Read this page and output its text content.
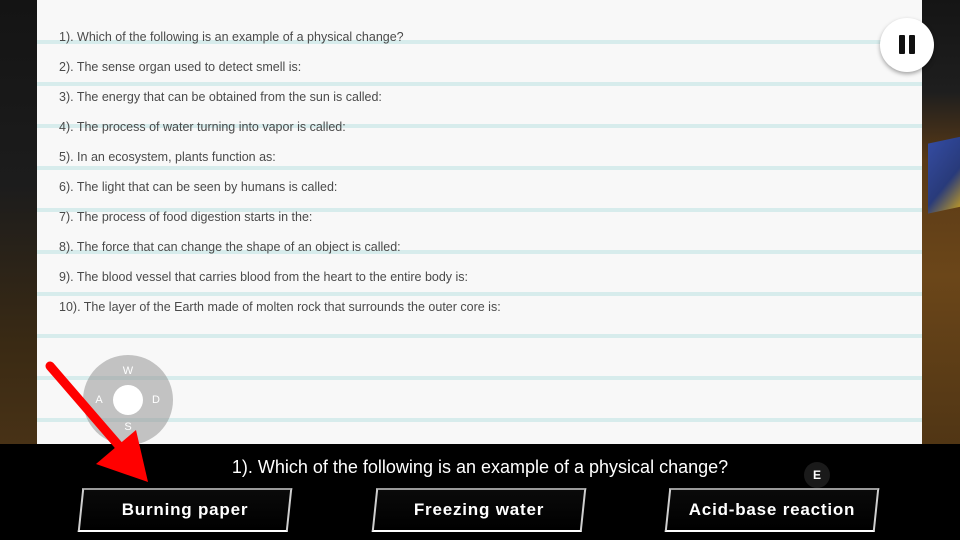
1). Which of the following is an example of a physical change?
2). The sense organ used to detect smell is:
3). The energy that can be obtained from the sun is called:
4). The process of water turning into vapor is called:
5). In an ecosystem, plants function as:
6). The light that can be seen by humans is called:
7). The process of food digestion starts in the:
8). The force that can change the shape of an object is called:
9). The blood vessel that carries blood from the heart to the entire body is:
10). The layer of the Earth made of molten rock that surrounds the outer core is:
W
A	D
S
1). Which of the following is an example of a physical change?	E
Burning paper	Freezing water	Acid-base reaction
